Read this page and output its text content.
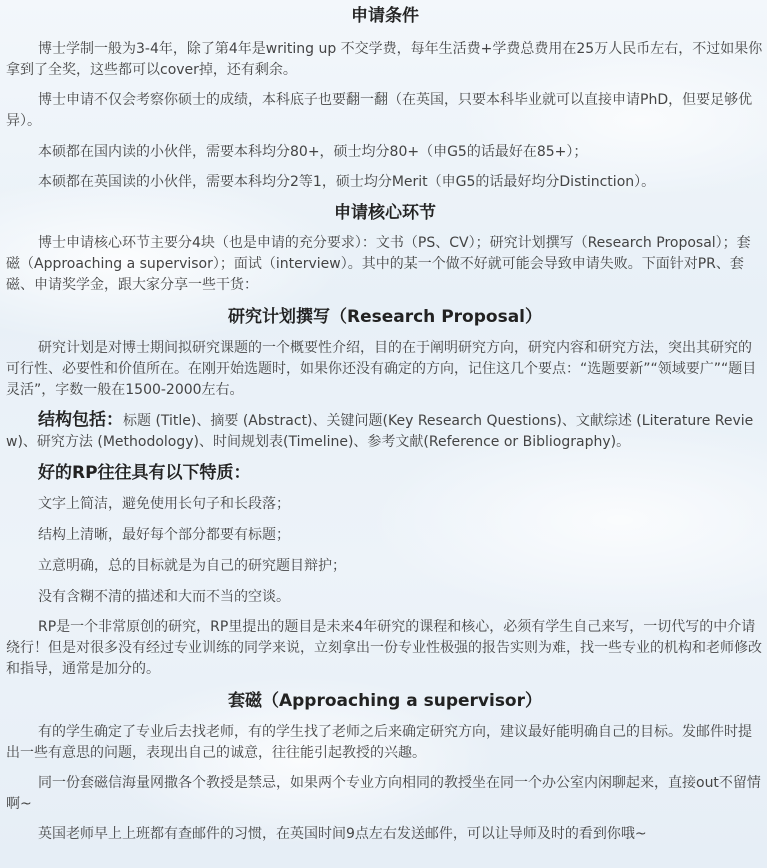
申请条件
博士学制一般为3-4年，除了第4年是writing up 不交学费，每年生活费+学费总费用在25万人民币左右，不过如果你拿到了全奖，这些都可以cover掉，还有剩余。
博士申请不仅会考察你硕士的成绩，本科底子也要翻一翻（在英国，只要本科毕业就可以直接申请PhD，但要足够优异）。
本硕都在国内读的小伙伴，需要本科均分80+，硕士均分80+（申G5的话最好在85+）；
本硕都在英国读的小伙伴，需要本科均分2等1，硕士均分Merit（申G5的话最好均分Distinction）。
申请核心环节
博士申请核心环节主要分4块（也是申请的充分要求）：文书（PS、CV）；研究计划撰写（Research Proposal）；套磁（Approaching a supervisor）；面试（interview）。其中的某一个做不好就可能会导致申请失败。下面针对PR、套磁、申请奖学金，跟大家分享一些干货：
研究计划撰写（Research Proposal）
研究计划是对博士期间拟研究课题的一个概要性介绍，目的在于阐明研究方向，研究内容和研究方法，突出其研究的可行性、必要性和价值所在。在刚开始选题时，如果你还没有确定的方向，记住这几个要点：“选题要新”“领域要广”“题目灵活”，字数一般在1500-2000左右。
结构包括：标题 (Title)、摘要 (Abstract)、关键问题(Key Research Questions)、文献综述 (Literature Review)、研究方法 (Methodology)、时间规划表(Timeline)、参考文献(Reference or Bibliography)。
好的RP往往具有以下特质：
文字上简洁，避免使用长句子和长段落；
结构上清晰，最好每个部分都要有标题；
立意明确，总的目标就是为自己的研究题目辩护；
没有含糊不清的描述和大而不当的空谈。
RP是一个非常原创的研究，RP里提出的题目是未来4年研究的课程和核心，必须有学生自己来写，一切代写的中介请绕行！但是对很多没有经过专业训练的同学来说，立刻拿出一份专业性极强的报告实则为难，找一些专业的机构和老师修改和指导，通常是加分的。
套磁（Approaching a supervisor）
有的学生确定了专业后去找老师，有的学生找了老师之后来确定研究方向，建议最好能明确自己的目标。发邮件时提出一些有意思的问题，表现出自己的诚意，往往能引起教授的兴趣。
同一份套磁信海量网撒各个教授是禁忌，如果两个专业方向相同的教授坐在同一个办公室内闲聊起来，直接out不留情啊~
英国老师早上上班都有查邮件的习惯，在英国时间9点左右发送邮件，可以让导师及时的看到你哦~
